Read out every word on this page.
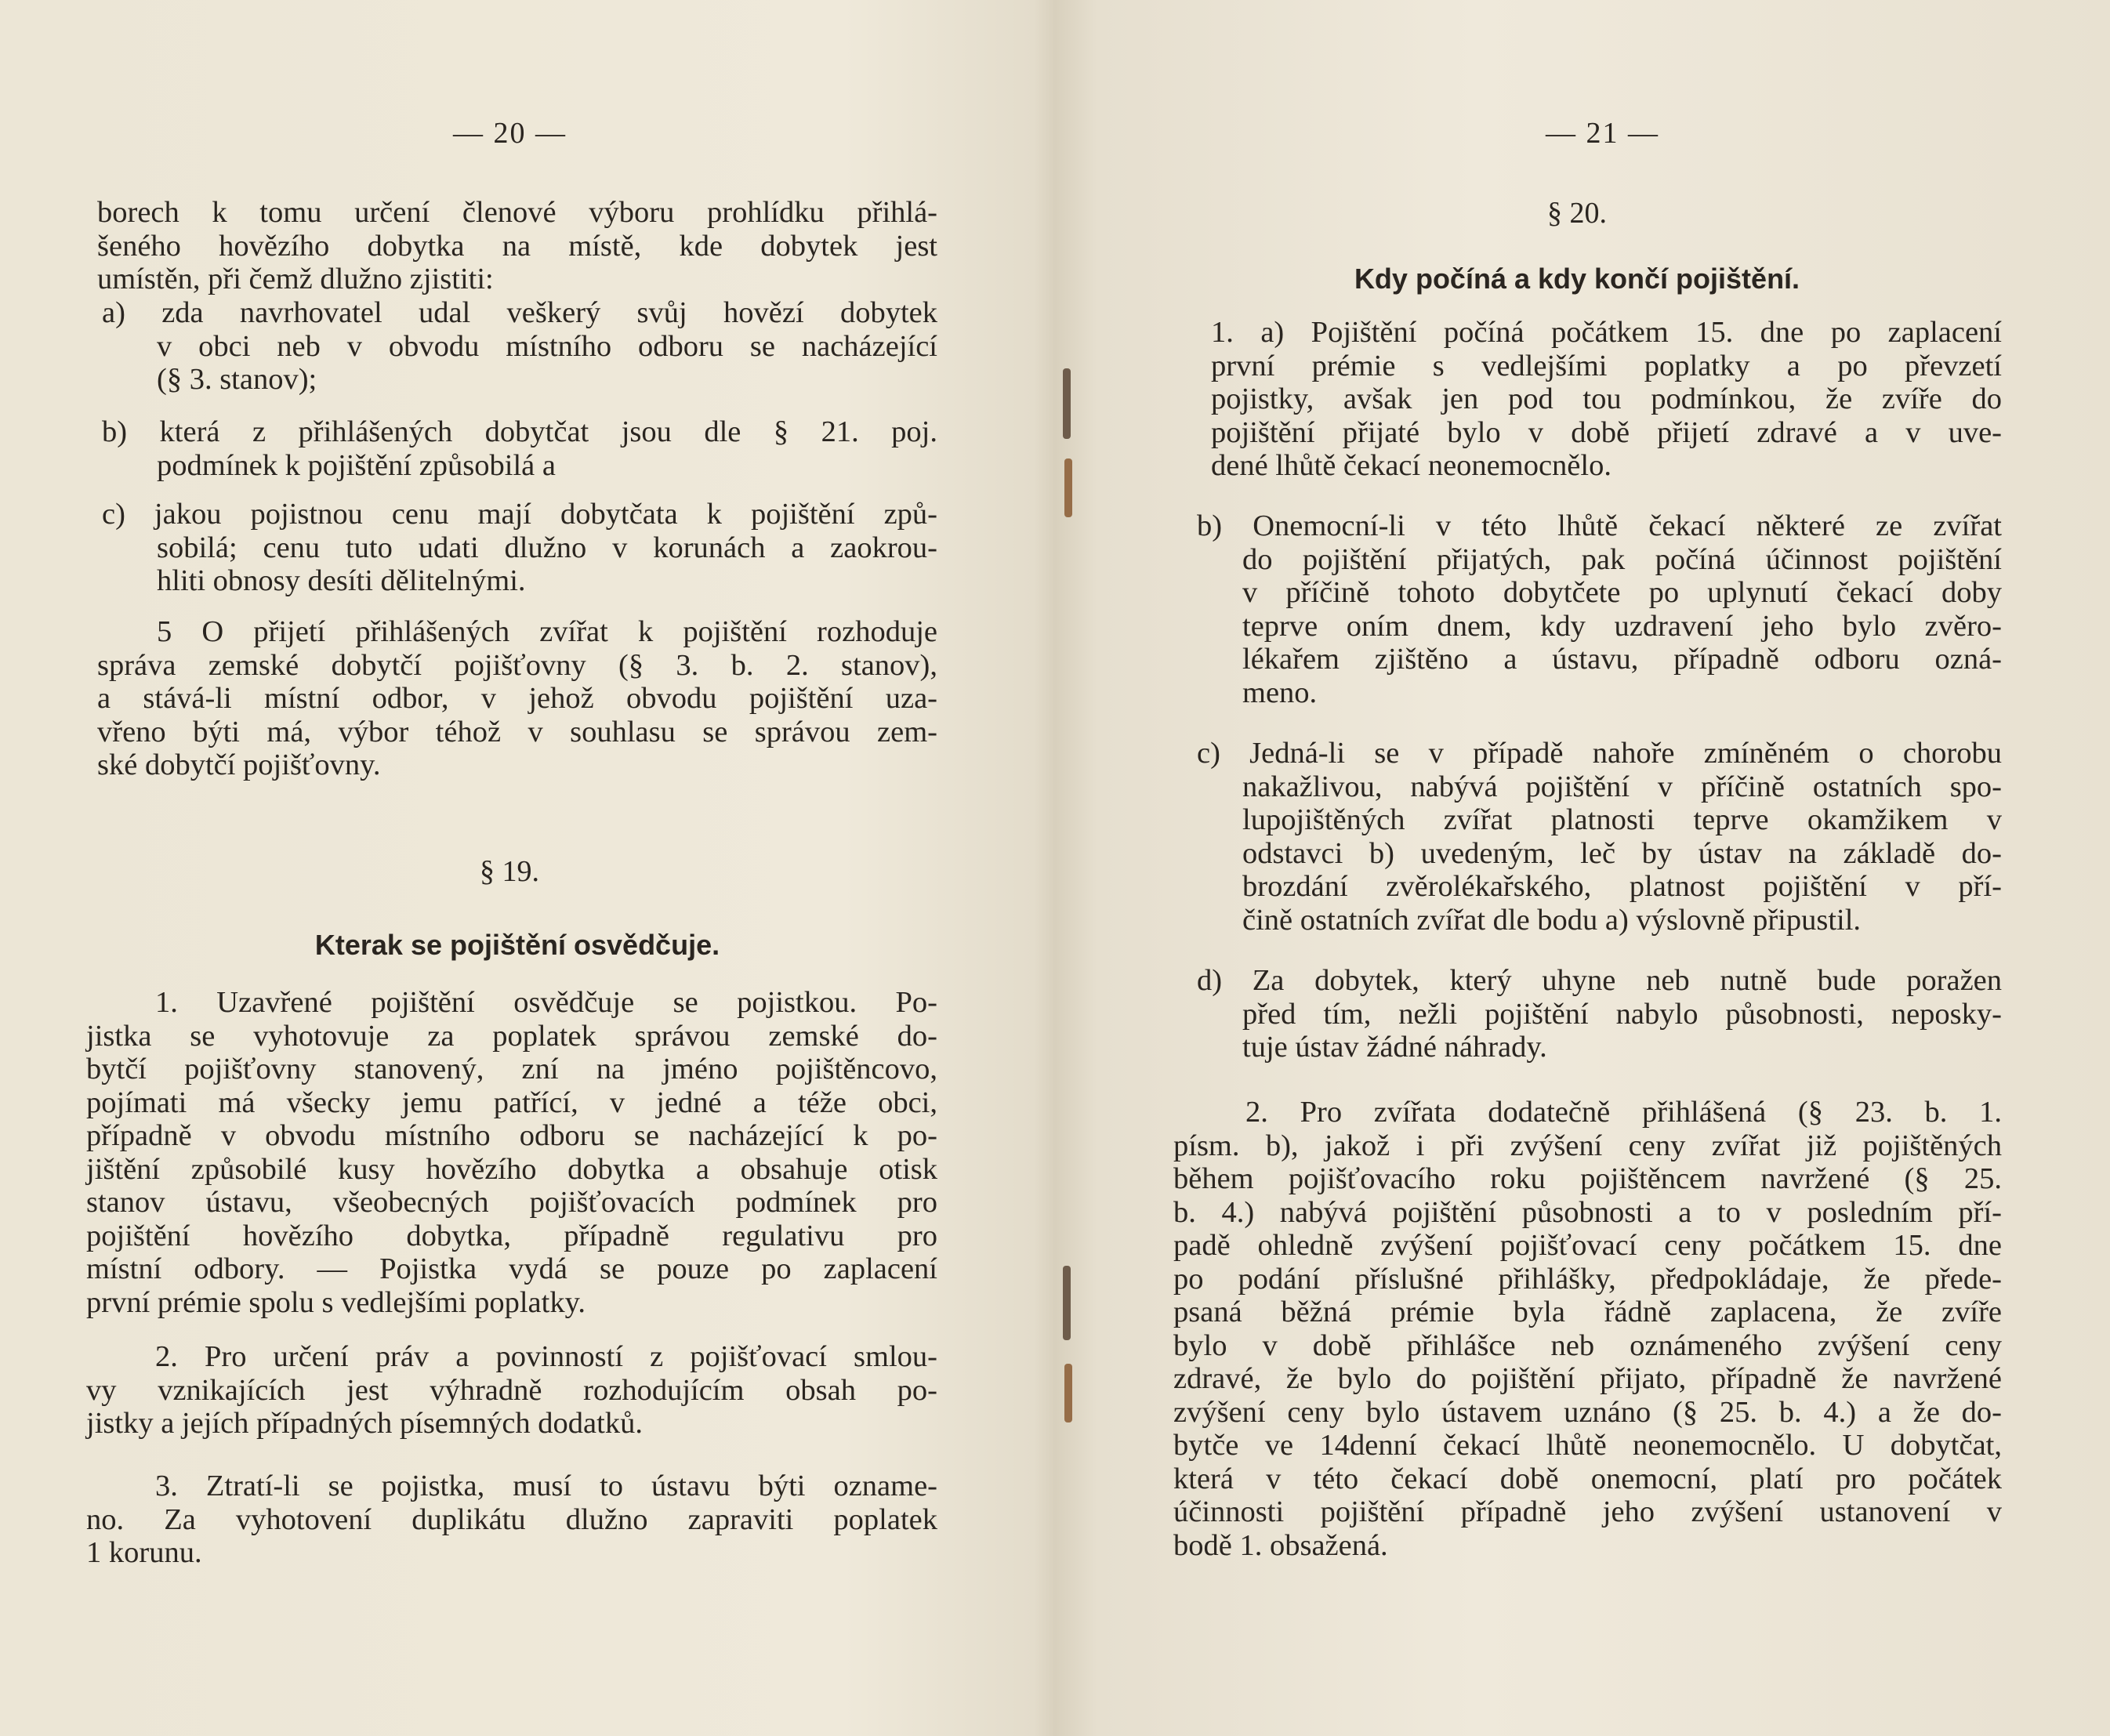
— 20 —
borech k tomu určení členové výboru prohlídku přihlá-
šeného hovězího dobytka na místě, kde dobytek jest
umístěn, při čemž dlužno zjistiti:
a) zda navrhovatel udal veškerý svůj hovězí dobytek
v obci neb v obvodu místního odboru se nacházející
(§ 3. stanov);
b) která z přihlášených dobytčat jsou dle § 21. poj.
podmínek k pojištění způsobilá a
c) jakou pojistnou cenu mají dobytčata k pojištění způ-
sobilá; cenu tuto udati dlužno v korunách a zaokrou-
hliti obnosy desíti dělitelnými.
5 O přijetí přihlášených zvířat k pojištění rozhoduje
správa zemské dobytčí pojišťovny (§ 3. b. 2. stanov),
a stává-li místní odbor, v jehož obvodu pojištění uza-
vřeno býti má, výbor téhož v souhlasu se správou zem-
ské dobytčí pojišťovny.
§ 19.
Kterak se pojištění osvědčuje.
1. Uzavřené pojištění osvědčuje se pojistkou. Po-
jistka se vyhotovuje za poplatek správou zemské do-
bytčí pojišťovny stanovený, zní na jméno pojištěncovo,
pojímati má všecky jemu patřící, v jedné a téže obci,
případně v obvodu místního odboru se nacházející k po-
jištění způsobilé kusy hovězího dobytka a obsahuje otisk
stanov ústavu, všeobecných pojišťovacích podmínek pro
pojištění hovězího dobytka, případně regulativu pro
místní odbory. — Pojistka vydá se pouze po zaplacení
první prémie spolu s vedlejšími poplatky.
2. Pro určení práv a povinností z pojišťovací smlou-
vy vznikajících jest výhradně rozhodujícím obsah po-
jistky a jejích případných písemných dodatků.
3. Ztratí-li se pojistka, musí to ústavu býti ozname-
no. Za vyhotovení duplikátu dlužno zapraviti poplatek
1 korunu.
— 21 —
§ 20.
Kdy počíná a kdy končí pojištění.
1. a) Pojištění počíná počátkem 15. dne po zaplacení
první prémie s vedlejšími poplatky a po převzetí
pojistky, avšak jen pod tou podmínkou, že zvíře do
pojištění přijaté bylo v době přijetí zdravé a v uve-
dené lhůtě čekací neonemocnělo.
b) Onemocní-li v této lhůtě čekací některé ze zvířat
do pojištění přijatých, pak počíná účinnost pojištění
v příčině tohoto dobytčete po uplynutí čekací doby
teprve oním dnem, kdy uzdravení jeho bylo zvěro-
lékařem zjištěno a ústavu, případně odboru ozná-
meno.
c) Jedná-li se v případě nahoře zmíněném o chorobu
nakažlivou, nabývá pojištění v příčině ostatních spo-
lupojištěných zvířat platnosti teprve okamžikem v
odstavci b) uvedeným, leč by ústav na základě do-
brozdání zvěrolékařského, platnost pojištění v pří-
čině ostatních zvířat dle bodu a) výslovně připustil.
d) Za dobytek, který uhyne neb nutně bude poražen
před tím, nežli pojištění nabylo působnosti, neposky-
tuje ústav žádné náhrady.
2. Pro zvířata dodatečně přihlášená (§ 23. b. 1.
písm. b), jakož i při zvýšení ceny zvířat již pojištěných
během pojišťovacího roku pojištěncem navržené (§ 25.
b. 4.) nabývá pojištění působnosti a to v posledním pří-
padě ohledně zvýšení pojišťovací ceny počátkem 15. dne
po podání příslušné přihlášky, předpokládaje, že přede-
psaná běžná prémie byla řádně zaplacena, že zvíře
bylo v době přihlášce neb oznámeného zvýšení ceny
zdravé, že bylo do pojištění přijato, případně že navržené
zvýšení ceny bylo ústavem uznáno (§ 25. b. 4.) a že do-
bytče ve 14denní čekací lhůtě neonemocnělo. U dobytčat,
která v této čekací době onemocní, platí pro počátek
účinnosti pojištění případně jeho zvýšení ustanovení v
bodě 1. obsažená.
